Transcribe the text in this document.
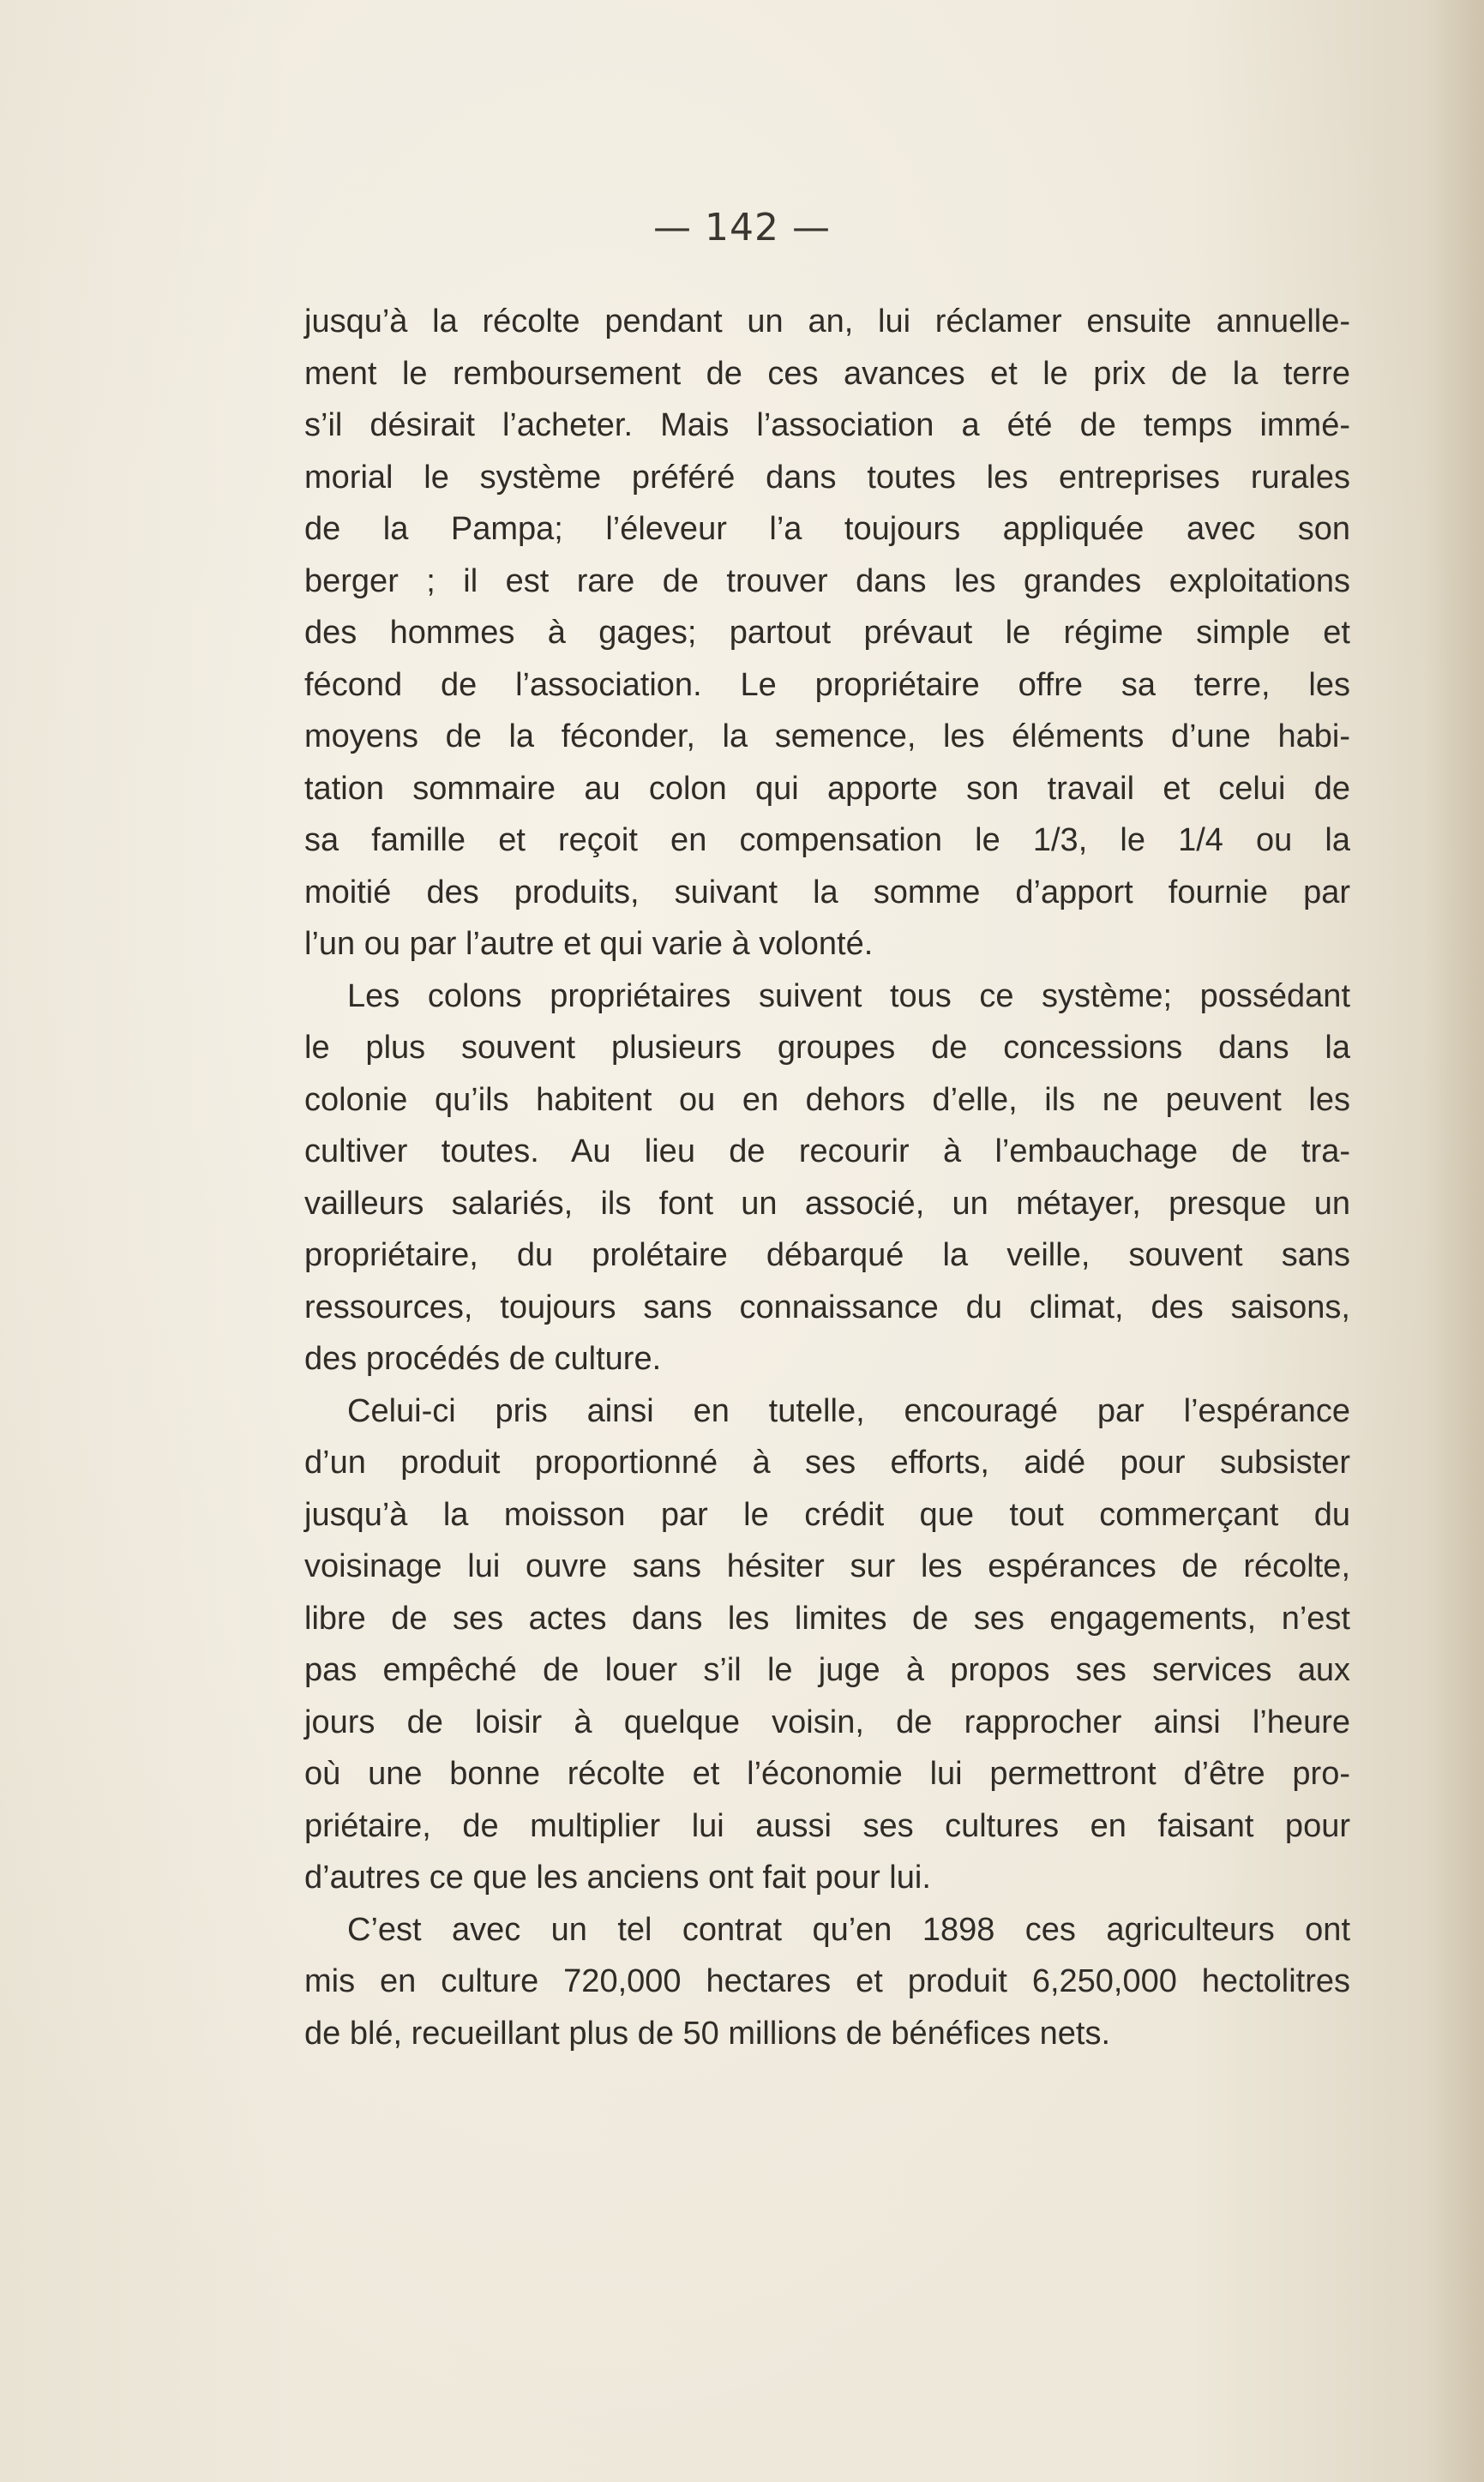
— 142 —

jusqu’à la récolte pendant un an, lui réclamer ensuite annuelle-
ment le remboursement de ces avances et le prix de la terre
s’il désirait l’acheter. Mais l’association a été de temps immé-
morial le système préféré dans toutes les entreprises rurales
de la Pampa; l’éleveur l’a toujours appliquée avec son
berger ; il est rare de trouver dans les grandes exploitations
des hommes à gages; partout prévaut le régime simple et
fécond de l’association. Le propriétaire offre sa terre, les
moyens de la féconder, la semence, les éléments d’une habi-
tation sommaire au colon qui apporte son travail et celui de
sa famille et reçoit en compensation le 1/3, le 1/4 ou la
moitié des produits, suivant la somme d’apport fournie par
l’un ou par l’autre et qui varie à volonté.

Les colons propriétaires suivent tous ce système; possédant
le plus souvent plusieurs groupes de concessions dans la
colonie qu’ils habitent ou en dehors d’elle, ils ne peuvent les
cultiver toutes. Au lieu de recourir à l’embauchage de tra-
vailleurs salariés, ils font un associé, un métayer, presque un
propriétaire, du prolétaire débarqué la veille, souvent sans
ressources, toujours sans connaissance du climat, des saisons,
des procédés de culture.

Celui-ci pris ainsi en tutelle, encouragé par l’espérance
d’un produit proportionné à ses efforts, aidé pour subsister
jusqu’à la moisson par le crédit que tout commerçant du
voisinage lui ouvre sans hésiter sur les espérances de récolte,
libre de ses actes dans les limites de ses engagements, n’est
pas empêché de louer s’il le juge à propos ses services aux
jours de loisir à quelque voisin, de rapprocher ainsi l’heure
où une bonne récolte et l’économie lui permettront d’être pro-
priétaire, de multiplier lui aussi ses cultures en faisant pour
d’autres ce que les anciens ont fait pour lui.

C’est avec un tel contrat qu’en 1898 ces agriculteurs ont
mis en culture 720,000 hectares et produit 6,250,000 hectolitres
de blé, recueillant plus de 50 millions de bénéfices nets.
